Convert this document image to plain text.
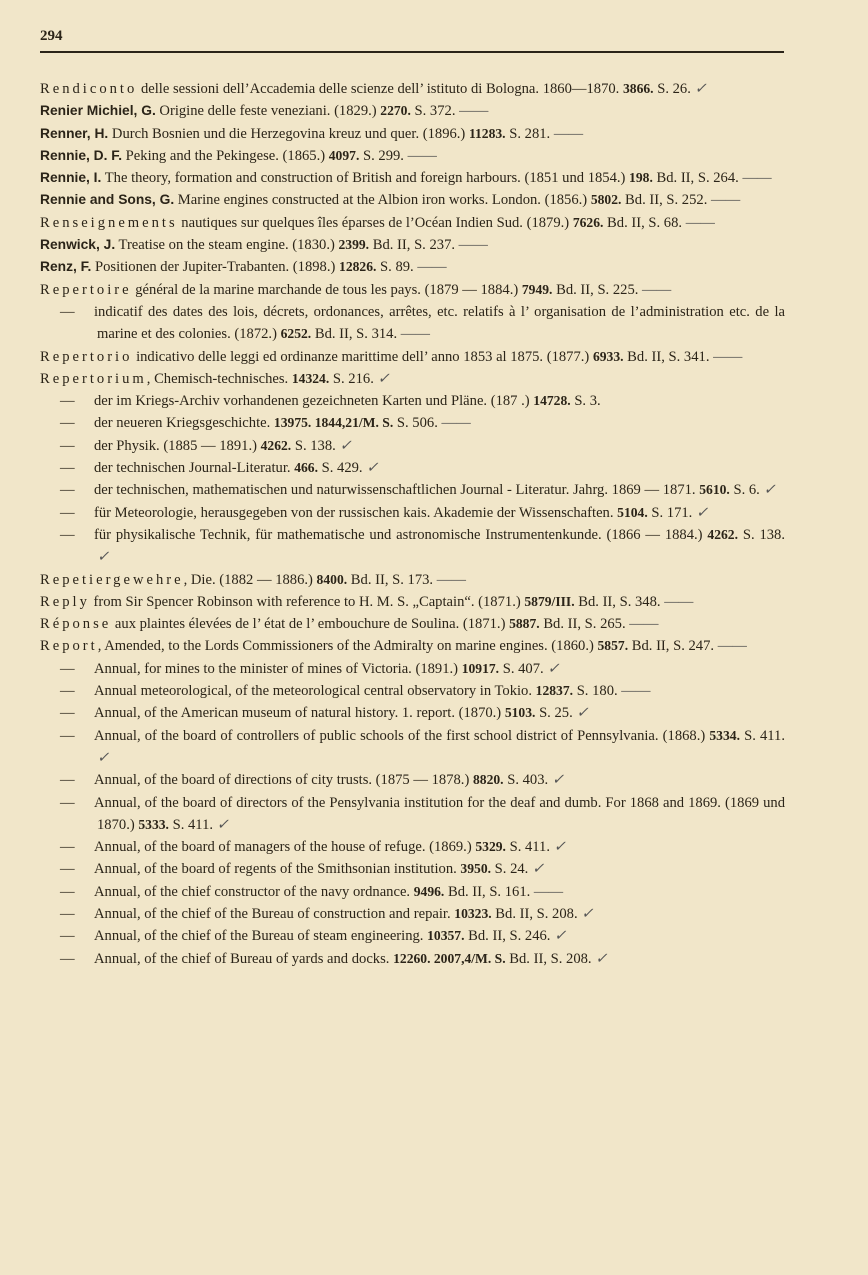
294
Rendiconto delle sessioni dell’Accademia delle scienze dell’ istituto di Bologna. 1860—1870. 3866. S. 26. ✓
Renier Michiel, G. Origine delle feste veneziani. (1829.) 2270. S. 372. ——
Renner, H. Durch Bosnien und die Herzegovina kreuz und quer. (1896.) 11283. S. 281. ——
Rennie, D. F. Peking and the Pekingese. (1865.) 4097. S. 299. ——
Rennie, I. The theory, formation and construction of British and foreign harbours. (1851 und 1854.) 198. Bd. II, S. 264. ——
Rennie and Sons, G. Marine engines constructed at the Albion iron works. London. (1856.) 5802. Bd. II, S. 252. ——
Renseignements nautiques sur quelques îles éparses de l’Océan Indien Sud. (1879.) 7626. Bd. II, S. 68. ——
Renwick, J. Treatise on the steam engine. (1830.) 2399. Bd. II, S. 237. ——
Renz, F. Positionen der Jupiter-Trabanten. (1898.) 12826. S. 89. ——
Repertoire général de la marine marchande de tous les pays. (1879 — 1884.) 7949. Bd. II, S. 225. ——
— indicatif des dates des lois, décrets, ordonances, arrêtes, etc. relatifs à l’ organisation de l’administration etc. de la marine et des colonies. (1872.) 6252. Bd. II, S. 314. ——
Repertorio indicativo delle leggi ed ordinanze marittime dell’ anno 1853 al 1875. (1877.) 6933. Bd. II, S. 341. ——
Repertorium, Chemisch-technisches. 14324. S. 216. ✓
— der im Kriegs-Archiv vorhandenen gezeichneten Karten und Pläne. (187 .) 14728. S. 3.
— der neueren Kriegsgeschichte. 13975. 1844,21/M. S. S. 506. ——
— der Physik. (1885 — 1891.) 4262. S. 138. ✓
— der technischen Journal-Literatur. 466. S. 429. ✓
— der technischen, mathematischen und naturwissenschaftlichen Journal - Literatur. Jahrg. 1869 — 1871. 5610. S. 6. ✓
— für Meteorologie, herausgegeben von der russischen kais. Akademie der Wissenschaften. 5104. S. 171. ✓
— für physikalische Technik, für mathematische und astronomische Instrumentenkunde. (1866 — 1884.) 4262. S. 138. ✓
Repetiergewehre, Die. (1882 — 1886.) 8400. Bd. II, S. 173. ——
Reply from Sir Spencer Robinson with reference to H. M. S. „Captain“. (1871.) 5879/III. Bd. II, S. 348. ——
Réponse aux plaintes élevées de l’ état de l’ embouchure de Soulina. (1871.) 5887. Bd. II, S. 265. ——
Report, Amended, to the Lords Commissioners of the Admiralty on marine engines. (1860.) 5857. Bd. II, S. 247. ——
— Annual, for mines to the minister of mines of Victoria. (1891.) 10917. S. 407. ✓
— Annual meteorological, of the meteorological central observatory in Tokio. 12837. S. 180. ——
— Annual, of the American museum of natural history. 1. report. (1870.) 5103. S. 25. ✓
— Annual, of the board of controllers of public schools of the first school district of Pennsylvania. (1868.) 5334. S. 411. ✓
— Annual, of the board of directions of city trusts. (1875 — 1878.) 8820. S. 403. ✓
— Annual, of the board of directors of the Pensylvania institution for the deaf and dumb. For 1868 and 1869. (1869 und 1870.) 5333. S. 411. ✓
— Annual, of the board of managers of the house of refuge. (1869.) 5329. S. 411. ✓
— Annual, of the board of regents of the Smithsonian institution. 3950. S. 24. ✓
— Annual, of the chief constructor of the navy ordnance. 9496. Bd. II, S. 161. ——
— Annual, of the chief of the Bureau of construction and repair. 10323. Bd. II, S. 208. ✓
— Annual, of the chief of the Bureau of steam engineering. 10357. Bd. II, S. 246. ✓
— Annual, of the chief of Bureau of yards and docks. 12260. 2007,4/M. S. Bd. II, S. 208. ✓
